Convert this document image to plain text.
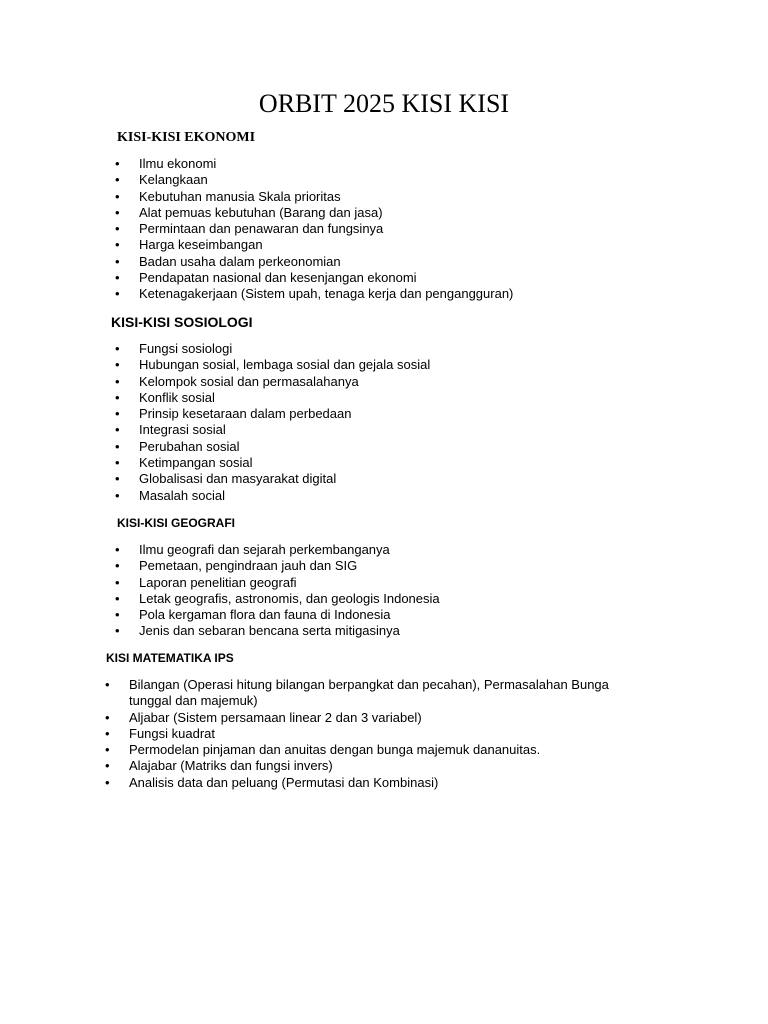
ORBIT 2025 KISI KISI
KISI-KISI EKONOMI
• Ilmu ekonomi
• Kelangkaan
• Kebutuhan manusia Skala prioritas
• Alat pemuas kebutuhan (Barang dan jasa)
• Permintaan dan penawaran dan fungsinya
• Harga keseimbangan
• Badan usaha dalam perkeonomian
• Pendapatan nasional dan kesenjangan ekonomi
• Ketenagakerjaan (Sistem upah, tenaga kerja dan pengangguran)
KISI-KISI SOSIOLOGI
• Fungsi sosiologi
• Hubungan sosial, lembaga sosial dan gejala sosial
• Kelompok sosial dan permasalahanya
• Konflik sosial
• Prinsip kesetaraan dalam perbedaan
• Integrasi sosial
• Perubahan sosial
• Ketimpangan sosial
• Globalisasi dan masyarakat digital
• Masalah social
KISI-KISI GEOGRAFI
• Ilmu geografi dan sejarah perkembanganya
• Pemetaan, pengindraan jauh dan SIG
• Laporan penelitian geografi
• Letak geografis, astronomis, dan geologis Indonesia
• Pola kergaman flora dan fauna di Indonesia
• Jenis dan sebaran bencana serta mitigasinya
KISI MATEMATIKA IPS
• Bilangan (Operasi hitung bilangan berpangkat dan pecahan), Permasalahan Bunga tunggal dan majemuk)
• Aljabar (Sistem persamaan linear 2 dan 3 variabel)
• Fungsi kuadrat
• Permodelan pinjaman dan anuitas dengan bunga majemuk dananuitas.
• Alajabar (Matriks dan fungsi invers)
• Analisis data dan peluang (Permutasi dan Kombinasi)
